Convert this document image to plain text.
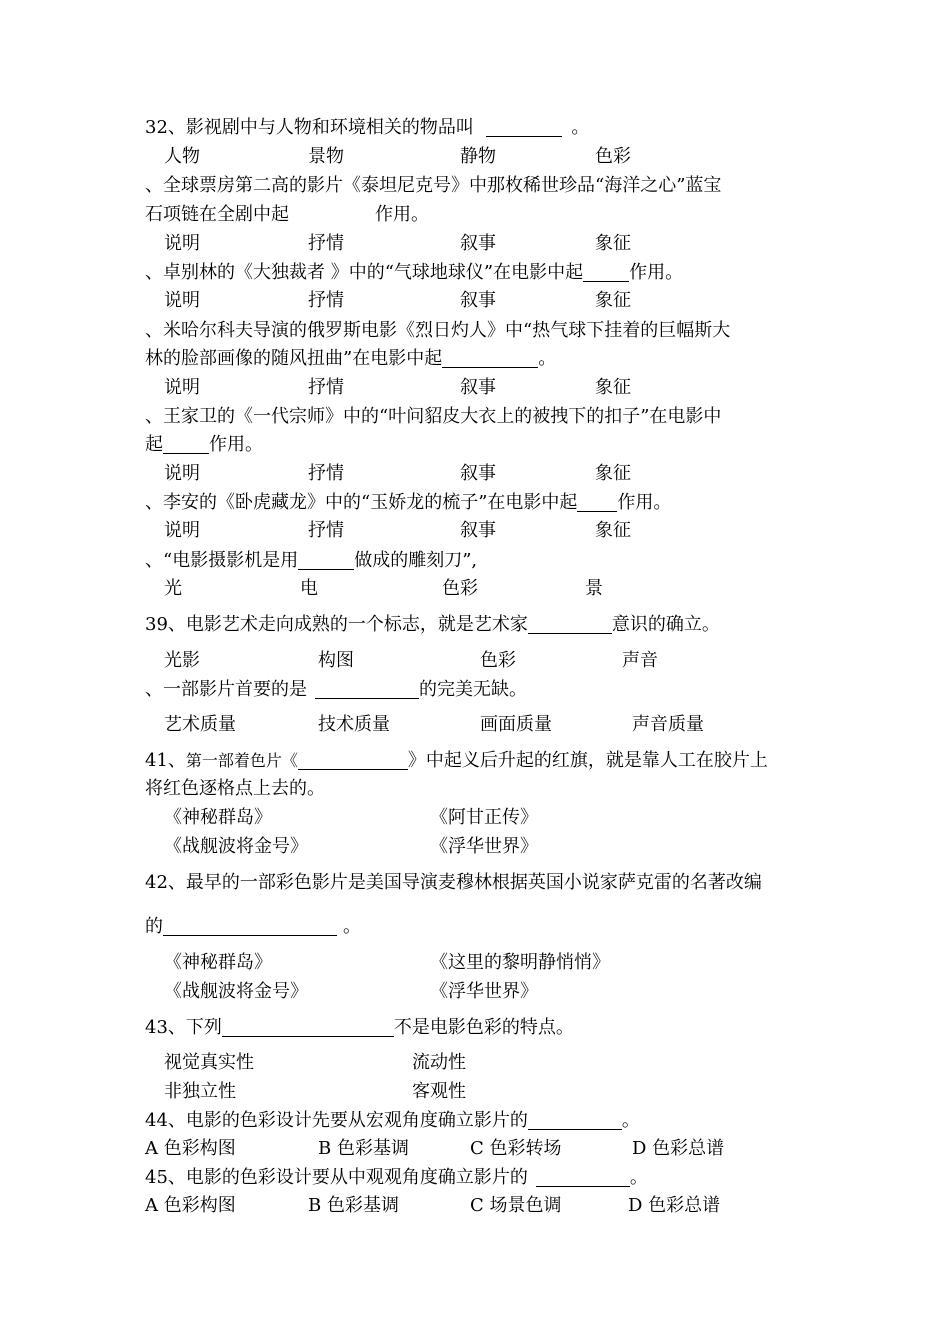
32、影视剧中与人物和环境相关的物品叫	。
人物	景物	静物	色彩
、全球票房第二高的影片《泰坦尼克号》中那枚稀世珍品“海洋之心”蓝宝
石项链在全剧中起	作用。
说明	抒情	叙事	象征
、卓别林的《大独裁者 》中的“气球地球仪”在电影中起	作用。
说明	抒情	叙事	象征
、米哈尔科夫导演的俄罗斯电影《烈日灼人》中“热气球下挂着的巨幅斯大
林的脸部画像的随风扭曲”在电影中起	。
说明	抒情	叙事	象征
、王家卫的《一代宗师》中的“叶问貂皮大衣上的被拽下的扣子”在电影中
起	作用。
说明	抒情	叙事	象征
、李安的《卧虎藏龙》中的“玉娇龙的梳子”在电影中起 作用。
说明	抒情	叙事	象征
、“电影摄影机是用	做成的雕刻刀”,
光	电	色彩	景
39、电影艺术走向成熟的一个标志，就是艺术家	意识的确立。
光影	构图	色彩	声音
、一部影片首要的是	的完美无缺。
艺术质量	技术质量	画面质量	声音质量
41、第一部着色片《	》中起义后升起的红旗，就是靠人工在胶片上
将红色逐格点上去的。
《神秘群岛》	《阿甘正传》
《战舰波将金号》	《浮华世界》
42、最早的一部彩色影片是美国导演麦穆林根据英国小说家萨克雷的名著改编
的	。
《神秘群岛》	《这里的黎明静悄悄》
《战舰波将金号》	《浮华世界》
43、下列	不是电影色彩的特点。
视觉真实性	流动性
非独立性	客观性
44、电影的色彩设计先要从宏观角度确立影片的	。
A 色彩构图	B 色彩基调	C 色彩转场	D 色彩总谱
45、电影的色彩设计要从中观观角度确立影片的	。
A 色彩构图	B 色彩基调	C 场景色调	D 色彩总谱
